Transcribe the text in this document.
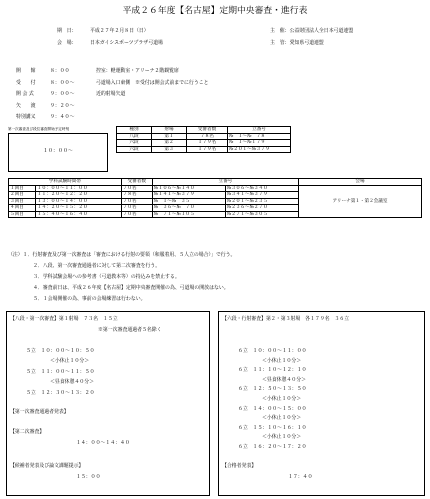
平成２６年度【名古屋】定期中央審査・進行表
期　日：	平成２７年２月８日（日）
会　場：	日本ガイシスポーツプラザ弓道場
主　催：公益財団法人全日本弓道連盟
主　管：愛知県弓道連盟
開　　館	８：００	控室：軽運動室・アリーナ２階観覧席
受　　付	８：００～	弓道場入口東側　※受付は開会式前までに行うこと
開 会 式	９：００～	近的射場矢道
矢　　渡	９：２０～
特別講义	９：４０～
第一次審査及び段位審査開始予定時刻
１０：００～
種別	射場	受審者数	立番号
八段	第１	７８名	№　１～№　７８
六段	第２	１７９名	№　１～№１７９
六段	第３	１７９名	№２０１～№３７９
学科試験時間帯		受審者数	立番号		会場
１回目	１０：００～１１：００	７０名	№１０６～№１４０	№３０６～№３４０	アリーナ第１・第２会議室
２回目	１１：２０～１２：２０	７８名	№１４１～№３７９	№３４１～№３７９	
３回目	１３：００～１４：００	７０名	№　１～№　３５	№２０１～№２３５	
４回目	１４：２０～１５：２０	７０名	№　３６～№　７０	№２３６～№２７０	
５回目	１５：４０～１６：４０	７０名	№　７１～№１０５	№２７１～№３０５	
（注）１．行射審査及び第一次審査は「審査における行射の要領（和服着用、５人立の場合）」で行う。
２．八段、第一次審査通過者に対して第二次審査を行う。
３．学科試験会場への参考書（弓道教本等）の持込みを禁止する。
４．審査前日は、平成２６年度【名古屋】定期中央審査開催の為、弓道場の開放はない。
５．１会場開催の為、事前の会場練習は行わない。
【八段・第一次審査】第１射場　７３名　１５立
※第一次審査通過者５名除く
５立　１０：００～１０：５０
＜小休止１０分＞
５立　１１：００～１１：５０
＜昼食休憩４０分＞
５立　１２：３０～１３：２０
【第一次審査通過者発表】
【第二次審査】
１４：００～１４：４０
【候補者発表及び論文課題提示】
１５：００
【六段・行射審査】第２・第３射場　各１７９名　３６立
６立　１０：００～１１：００
＜小休止１０分＞
６立　１１：１０～１２：１０
＜昼食休憩４０分＞
６立　１２：５０～１３：５０
＜小休止１０分＞
６立　１４：００～１５：００
＜小休止１０分＞
６立　１５：１０～１６：１０
＜小休止１０分＞
６立　１６：２０～１７：２０
【合格者発表】
１７：４０
